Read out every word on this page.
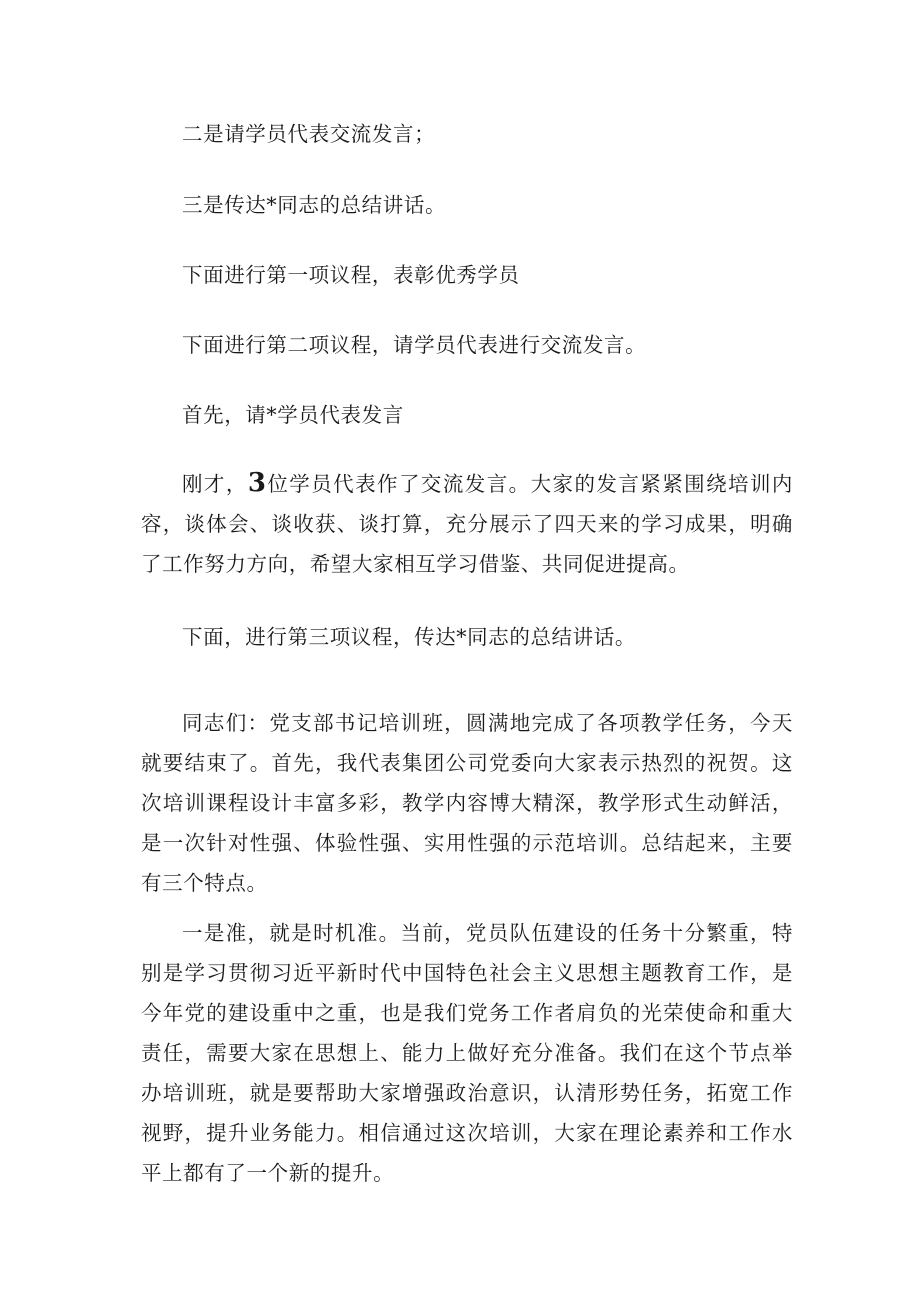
二是请学员代表交流发言；

三是传达*同志的总结讲话。

下面进行第一项议程，表彰优秀学员

下面进行第二项议程，请学员代表进行交流发言。

首先，请*学员代表发言

刚才，3位学员代表作了交流发言。大家的发言紧紧围绕培训内容，谈体会、谈收获、谈打算，充分展示了四天来的学习成果，明确了工作努力方向，希望大家相互学习借鉴、共同促进提高。

下面，进行第三项议程，传达*同志的总结讲话。

同志们：党支部书记培训班，圆满地完成了各项教学任务，今天就要结束了。首先，我代表集团公司党委向大家表示热烈的祝贺。这次培训课程设计丰富多彩，教学内容博大精深，教学形式生动鲜活，是一次针对性强、体验性强、实用性强的示范培训。总结起来，主要有三个特点。

一是准，就是时机准。当前，党员队伍建设的任务十分繁重，特别是学习贯彻习近平新时代中国特色社会主义思想主题教育工作，是今年党的建设重中之重，也是我们党务工作者肩负的光荣使命和重大责任，需要大家在思想上、能力上做好充分准备。我们在这个节点举办培训班，就是要帮助大家增强政治意识，认清形势任务，拓宽工作视野，提升业务能力。相信通过这次培训，大家在理论素养和工作水平上都有了一个新的提升。
